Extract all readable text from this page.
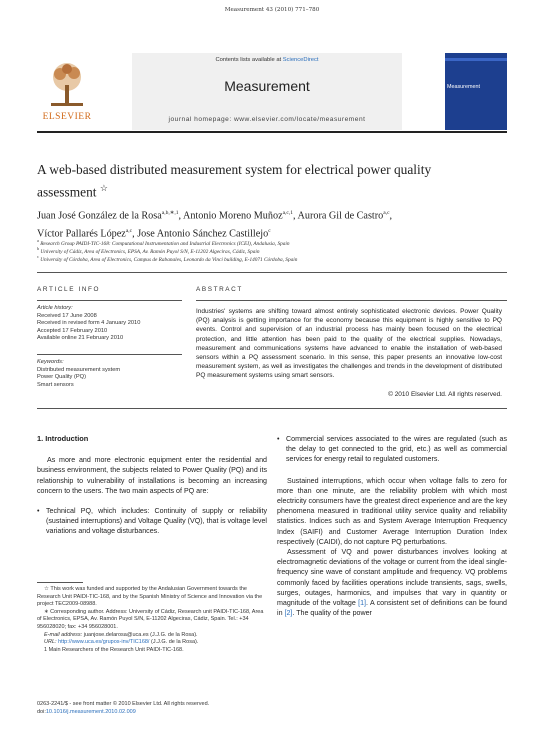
Measurement 43 (2010) 771–780
ELSEVIER
Contents lists available at ScienceDirect
Measurement
journal homepage: www.elsevier.com/locate/measurement
Measurement
A web-based distributed measurement system for electrical power quality
assessment ☆
Juan José González de la Rosa$^{a,b,∗,1}$, Antonio Moreno Muñoz$^{a,c,1}$, Aurora Gil de Castro$^{a,c}$,
Víctor Pallarés López$^{a,c}$, Jose Antonio Sánchez Castillejo$^c$
$^a$ Research Group PAIDI-TIC-168: Computational Instrumentation and Industrial Electronics (ICEI), Andalusia, Spain
$^b$ University of Cádiz, Area of Electronics, EPSA, Av. Ramón Puyol S/N, E-11202 Algeciras, Cádiz, Spain
$^c$ University of Córdoba, Area of Electronics, Campus de Rabanales, Leonardo da Vinci building, E-14071 Córdoba, Spain
ARTICLE INFO
Article history:
Received 17 June 2008
Received in revised form 4 January 2010
Accepted 17 February 2010
Available online 21 February 2010
Keywords:
Distributed measurement system
Power Quality (PQ)
Smart sensors
ABSTRACT
Industries' systems are shifting toward almost entirely sophisticated electronic devices. Power Quality (PQ) analysis is getting importance for the economy because this equipment is highly sensitive to PQ events. Control and supervision of an industrial process has mainly been focused on the electrical protection, and little attention has been paid to the quality of the electrical supplies. Nowadays, measurement and communications systems have advanced to enable the installation of web-based sensors within a PQ assessment scenario. In this sense, this paper presents an innovative low-cost measurement system, as well as investigates the challenges and trends in the development of distributed PQ measurement systems using smart sensors.
© 2010 Elsevier Ltd. All rights reserved.
1. Introduction

As more and more electronic equipment enter the residential and business environment, the subjects related to Power Quality (PQ) and its relationship to vulnerability of installations is becoming an increasing concern to the users. The two main aspects of PQ are:

• Technical PQ, which includes: Continuity of supply or reliability (sustained interruptions) and Voltage Quality (VQ), that is voltage level variations and voltage disturbances.
☆ This work was funded and supported by the Andalusian Government towards the Research Unit PAIDI-TIC-168, and by the Spanish Ministry of Science and Innovation via the project TEC2009-08988.
∗ Corresponding author. Address: University of Cádiz, Research unit PAIDI-TIC-168, Area of Electronics, EPSA, Av. Ramón Puyol S/N, E-11202 Algeciras, Cádiz, Spain. Tel.: +34 956028020; fax: +34 956028001.
E-mail address: juanjose.delarosa@uca.es (J.J.G. de la Rosa).
URL: http://www.uca.es/grupos-inv/TIC168/ (J.J.G. de la Rosa).
1 Main Researchers of the Research Unit PAIDI-TIC-168.
0263-2241/$ - see front matter © 2010 Elsevier Ltd. All rights reserved.
doi:10.1016/j.measurement.2010.02.009
• Commercial services associated to the wires are regulated (such as the delay to get connected to the grid, etc.) as well as commercial services for energy retail to regulated customers.

Sustained interruptions, which occur when voltage falls to zero for more than one minute, are the reliability problem with which most electricity consumers have the greatest direct experience and are the key phenomena measured in traditional utility service quality and reliability statistics. Indices such as and System Average Interruption Frequency Index (SAIFI) and Customer Average Interruption Duration Index respectively (CAIDI), do not capture PQ perturbations.

Assessment of VQ and power disturbances involves looking at electromagnetic deviations of the voltage or current from the ideal single-frequency sine wave of constant amplitude and frequency. VQ problems commonly faced by facilities operations include transients, sags, swells, surges, outages, harmonics, and impulses that vary in quantity or magnitude of the voltage [1]. A consistent set of definitions can be found in [2]. The quality of the power
